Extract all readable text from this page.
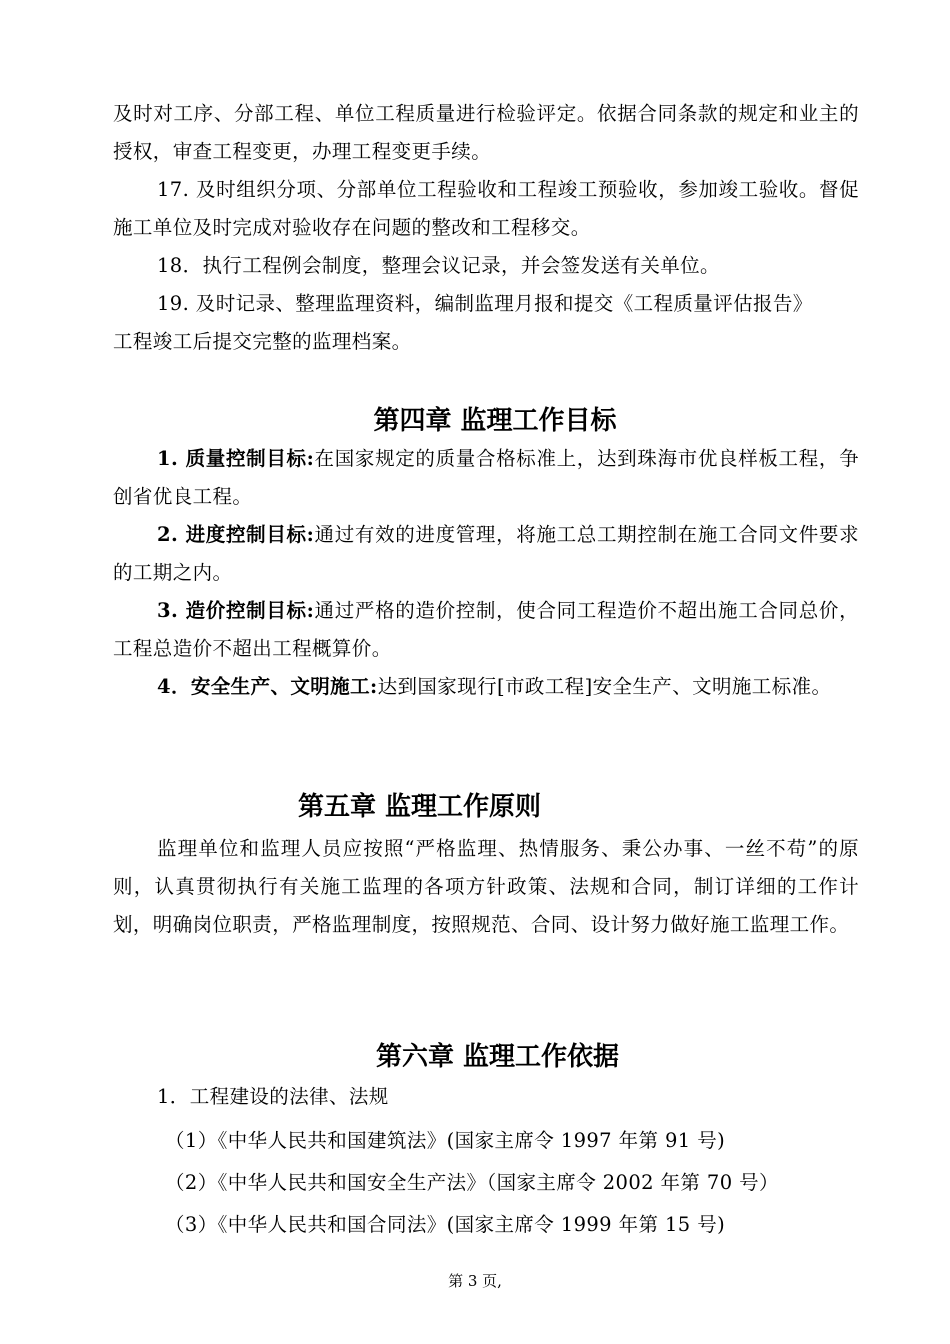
及时对工序、分部工程、单位工程质量进行检验评定。依据合同条款的规定和业主的授权，审查工程变更，办理工程变更手续。

17. 及时组织分项、分部单位工程验收和工程竣工预验收，参加竣工验收。督促施工单位及时完成对验收存在问题的整改和工程移交。

18．执行工程例会制度，整理会议记录，并会签发送有关单位。

19. 及时记录、整理监理资料，编制监理月报和提交《工程质量评估报告》

工程竣工后提交完整的监理档案。

第四章 监理工作目标

1. 质量控制目标:在国家规定的质量合格标准上，达到珠海市优良样板工程，争创省优良工程。

2. 进度控制目标:通过有效的进度管理，将施工总工期控制在施工合同文件要求的工期之内。

3. 造价控制目标:通过严格的造价控制，使合同工程造价不超出施工合同总价，工程总造价不超出工程概算价。

4．安全生产、文明施工:达到国家现行[市政工程]安全生产、文明施工标准。

第五章 监理工作原则

监理单位和监理人员应按照“严格监理、热情服务、秉公办事、一丝不苟”的原则，认真贯彻执行有关施工监理的各项方针政策、法规和合同，制订详细的工作计划，明确岗位职责，严格监理制度，按照规范、合同、设计努力做好施工监理工作。

第六章 监理工作依据
1．工程建设的法律、法规
（1）《中华人民共和国建筑法》(国家主席令 1997 年第 91 号)
（2）《中华人民共和国安全生产法》（国家主席令 2002 年第 70 号）
（3）《中华人民共和国合同法》(国家主席令 1999 年第 15 号)
第 3 页,
